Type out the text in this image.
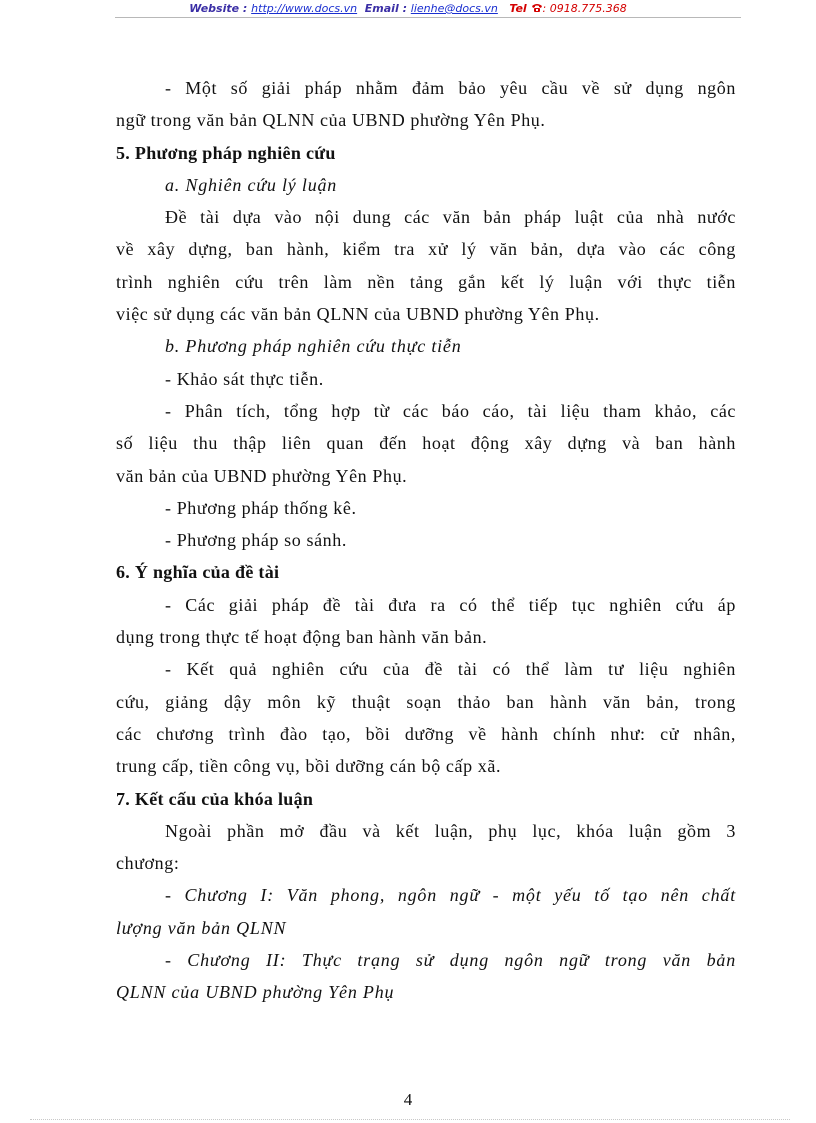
Website : http://www.docs.vn Email : lienhe@docs.vn Tel : 0918.775.368
- Một số giải pháp nhằm đảm bảo yêu cầu về sử dụng ngôn
ngữ trong văn bản QLNN của UBND phường Yên Phụ.
5. Phương pháp nghiên cứu
a. Nghiên cứu lý luận
Đề tài dựa vào nội dung các văn bản pháp luật của nhà nước
về xây dựng, ban hành, kiểm tra xử lý văn bản, dựa vào các công
trình nghiên cứu trên làm nền tảng gắn kết lý luận với thực tiễn
việc sử dụng các văn bản QLNN của UBND phường Yên Phụ.
b. Phương pháp nghiên cứu thực tiễn
- Khảo sát thực tiễn.
- Phân tích, tổng hợp từ các báo cáo, tài liệu tham khảo, các
số liệu thu thập liên quan đến hoạt động xây dựng và ban hành
văn bản của UBND phường Yên Phụ.
- Phương pháp thống kê.
- Phương pháp so sánh.
6. Ý nghĩa của đề tài
- Các giải pháp đề tài đưa ra có thể tiếp tục nghiên cứu áp
dụng trong thực tế hoạt động ban hành văn bản.
- Kết quả nghiên cứu của đề tài có thể làm tư liệu nghiên
cứu, giảng dậy môn kỹ thuật soạn thảo ban hành văn bản, trong
các chương trình đào tạo, bồi dưỡng về hành chính như: cử nhân,
trung cấp, tiền công vụ, bồi dưỡng cán bộ cấp xã.
7. Kết cấu của khóa luận
Ngoài phần mở đầu và kết luận, phụ lục, khóa luận gồm 3
chương:
- Chương I: Văn phong, ngôn ngữ - một yếu tố tạo nên chất
lượng văn bản QLNN
- Chương II: Thực trạng sử dụng ngôn ngữ trong văn bản
QLNN của UBND phường Yên Phụ
4
